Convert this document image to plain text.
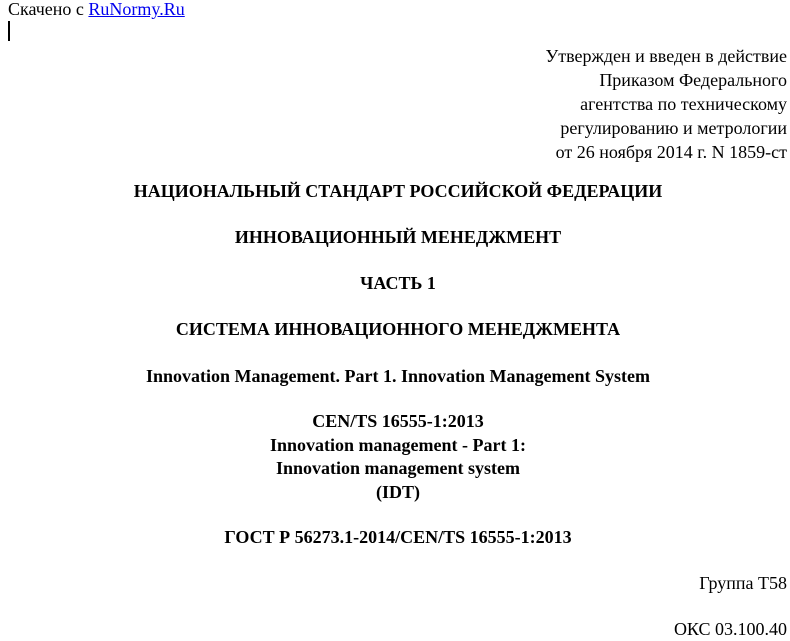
Скачено с RuNormy.Ru
Утвержден и введен в действие
Приказом Федерального
агентства по техническому
регулированию и метрологии
от 26 ноября 2014 г. N 1859-ст
НАЦИОНАЛЬНЫЙ СТАНДАРТ РОССИЙСКОЙ ФЕДЕРАЦИИ
ИННОВАЦИОННЫЙ МЕНЕДЖМЕНТ
ЧАСТЬ 1
СИСТЕМА ИННОВАЦИОННОГО МЕНЕДЖМЕНТА
Innovation Management. Part 1. Innovation Management System
CEN/TS 16555-1:2013
Innovation management - Part 1:
Innovation management system
(IDT)
ГОСТ Р 56273.1-2014/CEN/TS 16555-1:2013
Группа Т58
ОКС 03.100.40
